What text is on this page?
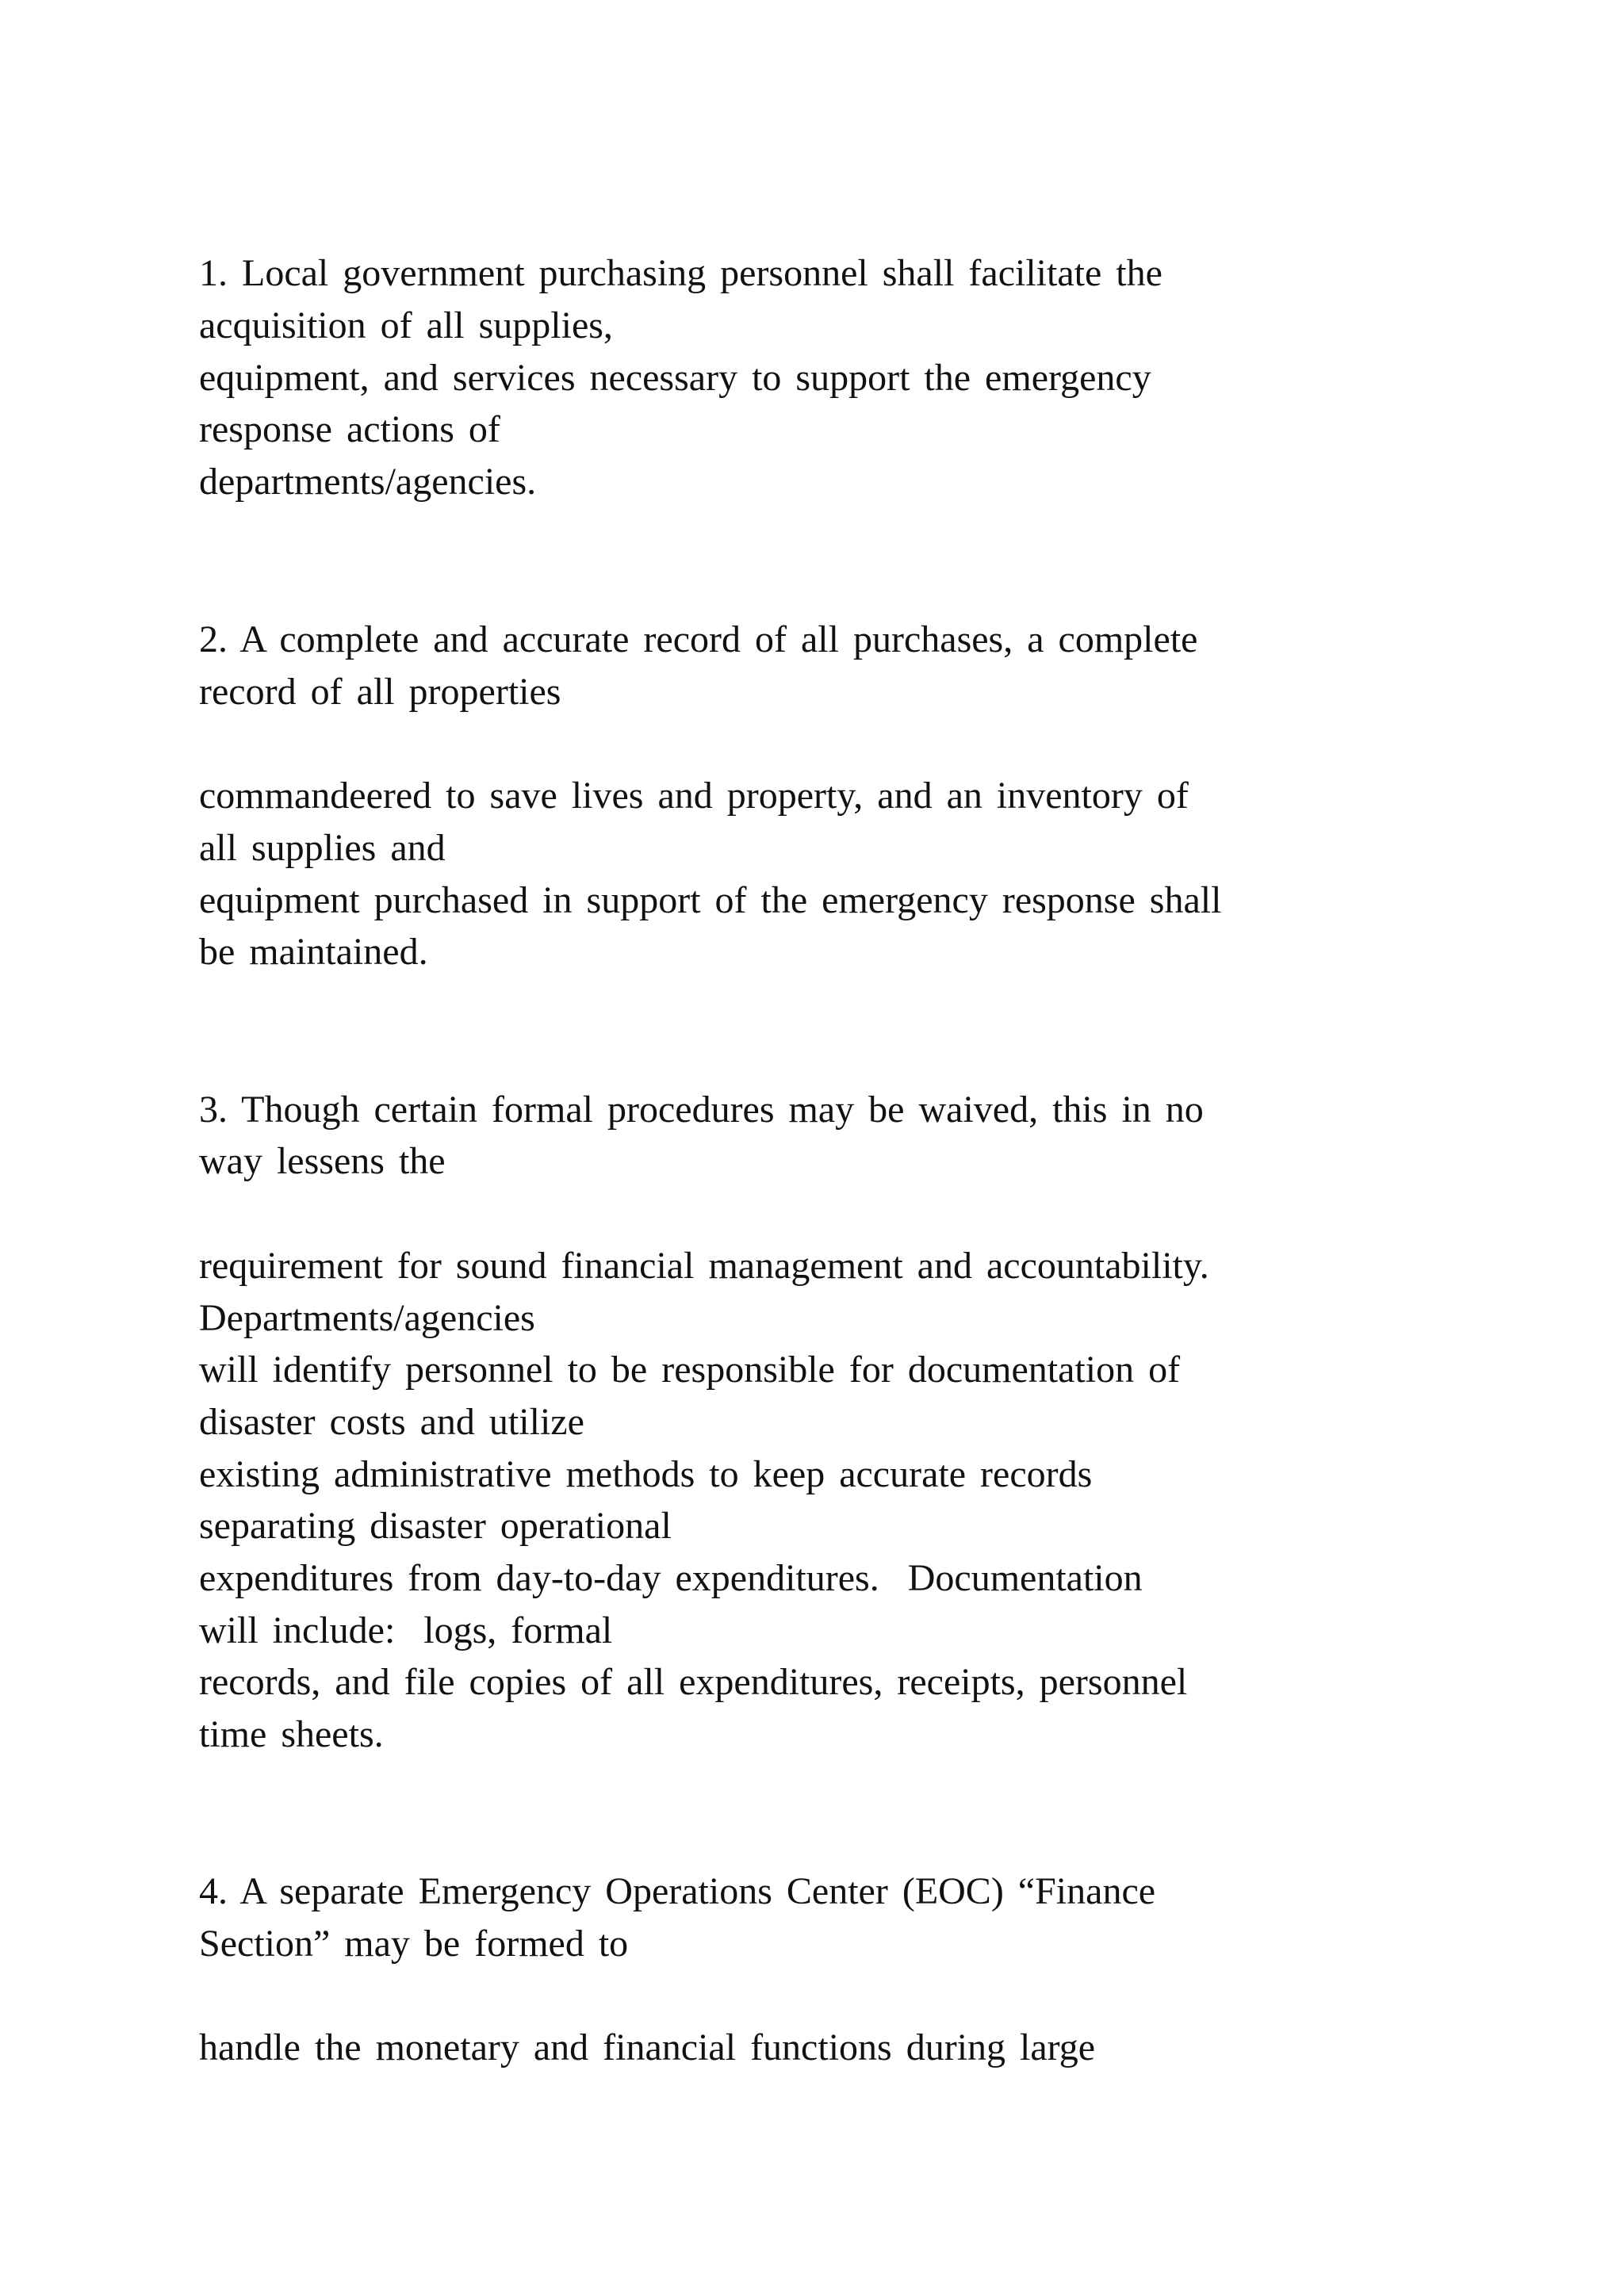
1. Local government purchasing personnel shall facilitate the

acquisition of all supplies,

equipment, and services necessary to support the emergency

response actions of

departments/agencies.

2. A complete and accurate record of all purchases, a complete

record of all properties

commandeered to save lives and property, and an inventory of

all supplies and

equipment purchased in support of the emergency response shall

be maintained.

3. Though certain formal procedures may be waived, this in no

way lessens the

requirement for sound financial management and accountability.

Departments/agencies

will identify personnel to be responsible for documentation of

disaster costs and utilize

existing administrative methods to keep accurate records

separating disaster operational

expenditures from day-to-day expenditures.  Documentation

will include:  logs, formal

records, and file copies of all expenditures, receipts, personnel

time sheets.

4. A separate Emergency Operations Center (EOC) “Finance

Section” may be formed to

handle the monetary and financial functions during large
